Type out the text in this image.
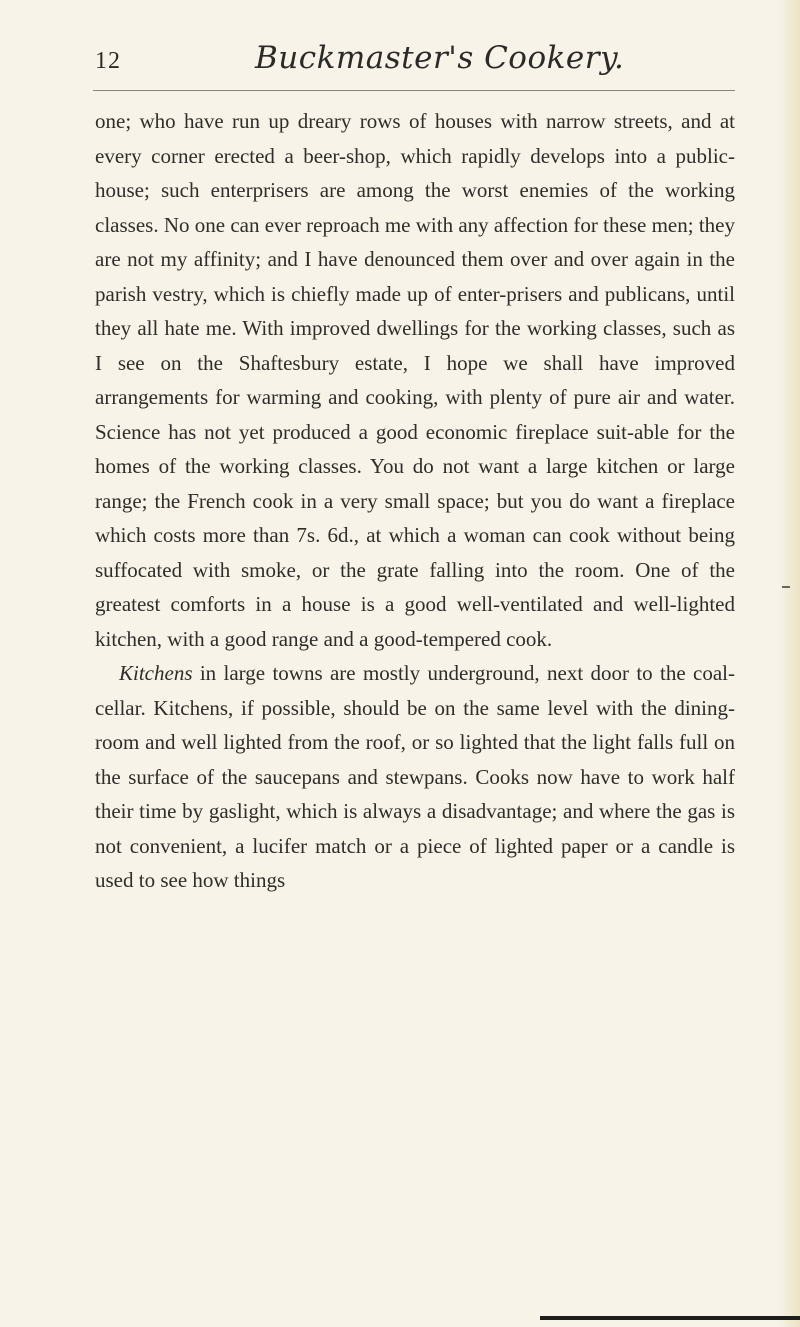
12	Buckmaster's Cookery.

one; who have run up dreary rows of houses with narrow streets, and at every corner erected a beer-shop, which rapidly develops into a public-house; such enterprisers are among the worst enemies of the working classes. No one can ever reproach me with any affection for these men; they are not my affinity; and I have denounced them over and over again in the parish vestry, which is chiefly made up of enter-prisers and publicans, until they all hate me. With improved dwellings for the working classes, such as I see on the Shaftesbury estate, I hope we shall have improved arrangements for warming and cooking, with plenty of pure air and water. Science has not yet produced a good economic fireplace suit-able for the homes of the working classes. You do not want a large kitchen or large range; the French cook in a very small space; but you do want a fireplace which costs more than 7s. 6d., at which a woman can cook without being suffocated with smoke, or the grate falling into the room. One of the greatest comforts in a house is a good well-ventilated and well-lighted kitchen, with a good range and a good-tempered cook.

Kitchens in large towns are mostly underground, next door to the coal-cellar. Kitchens, if possible, should be on the same level with the dining-room and well lighted from the roof, or so lighted that the light falls full on the surface of the saucepans and stewpans. Cooks now have to work half their time by gaslight, which is always a disadvantage; and where the gas is not convenient, a lucifer match or a piece of lighted paper or a candle is used to see how things
